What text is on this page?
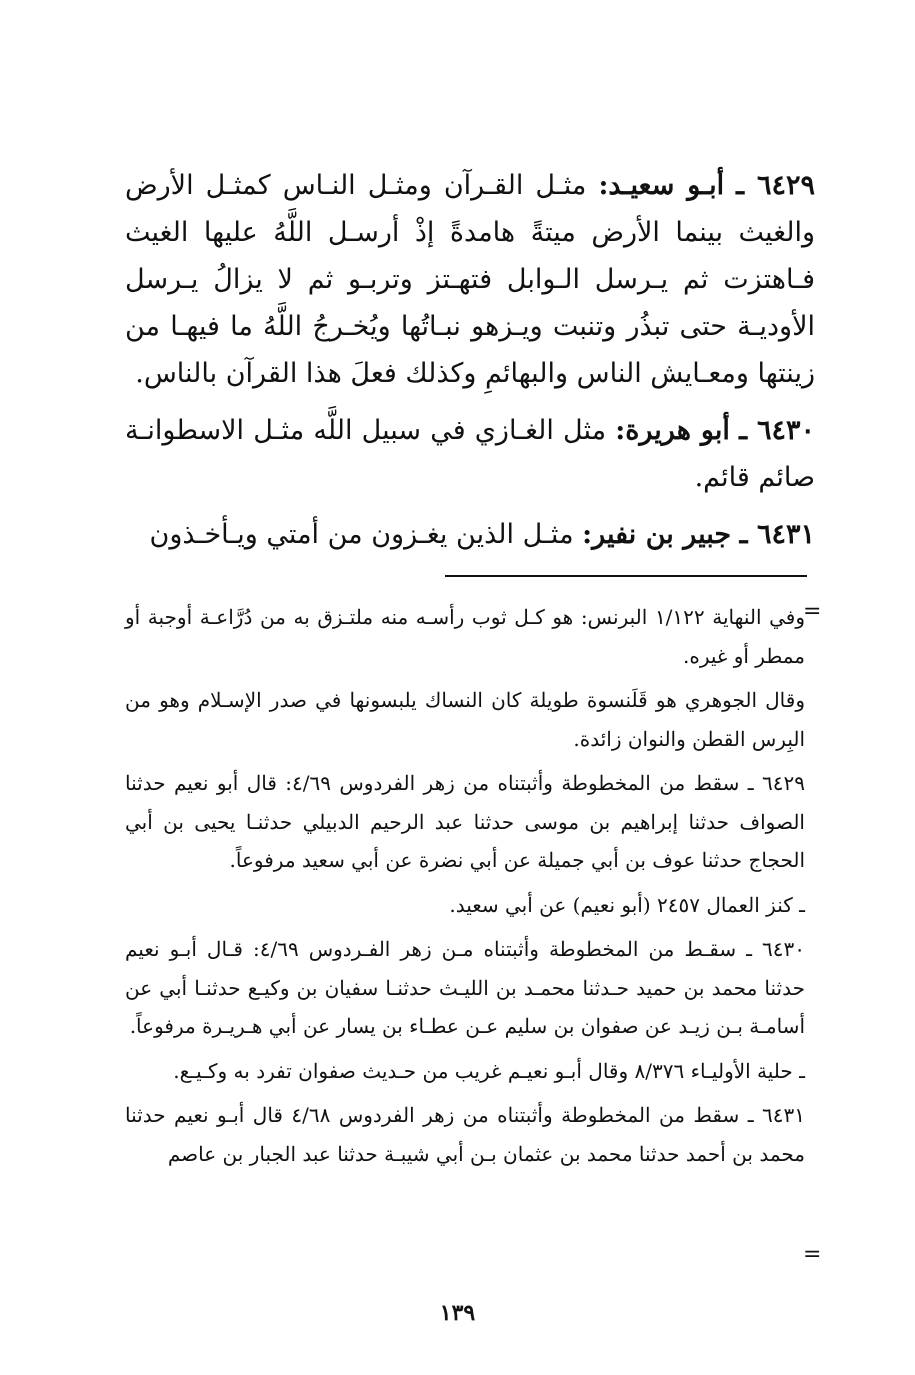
٦٤٢٩ ـ أبـو سعيـد: مثـل القـرآن ومثـل النـاس كمثـل الأرض والغيث بينما الأرض ميتةً هامدةً إذْ أرسـل اللَّهُ عليها الغيث فـاهتزت ثم يـرسل الـوابل فتهـتز وتربـو ثم لا يزالُ يـرسل الأوديـة حتى تبذُر وتنبت ويـزهو نبـاتُها ويُخـرجُ اللَّهُ ما فيهـا من زينتها ومعـايش الناس والبهائمِ وكذلك فعلَ هذا القرآن بالناس.

٦٤٣٠ ـ أبو هريرة: مثل الغـازي في سبيل اللَّه مثـل الاسطوانـة صائم قائم.

٦٤٣١ ـ جبير بن نفير: مثـل الذين يغـزون من أمتي ويـأخـذون

=

وفي النهاية ١/١٢٢ البرنس: هو كـل ثوب رأسـه منه ملتـزق به من دُرَّاعـة أوجبة أو ممطر أو غيره.

وقال الجوهري هو قَلَنسوة طويلة كان النساك يلبسونها في صدر الإسـلام وهو من البِرس القطن والنوان زائدة.

٦٤٢٩ ـ سقط من المخطوطة وأثبتناه من زهر الفردوس ٤/٦٩: قال أبو نعيم حدثنا الصواف حدثنا إبراهيم بن موسى حدثنا عبد الرحيم الدبيلي حدثنـا يحيى بن أبي الحجاج حدثنا عوف بن أبي جميلة عن أبي نضرة عن أبي سعيد مرفوعاً.

ـ كنز العمال ٢٤٥٧ (أبو نعيم) عن أبي سعيد.

٦٤٣٠ ـ سقـط من المخطوطة وأثبتناه مـن زهر الفـردوس ٤/٦٩: قـال أبـو نعيم حدثنا محمد بن حميد حـدثنا محمـد بن الليـث حدثنـا سفيان بن وكيـع حدثنـا أبي عن أسامـة بـن زيـد عن صفوان بن سليم عـن عطـاء بن يسار عن أبي هـريـرة مرفوعاً.

ـ حلية الأوليـاء ٨/٣٧٦ وقال أبـو نعيـم غريب من حـديث صفوان تفرد به وكـيـع.

٦٤٣١ ـ سقط من المخطوطة وأثبتناه من زهر الفردوس ٤/٦٨ قال أبـو نعيم حدثنا محمد بن أحمد حدثنا محمد بن عثمان بـن أبي شيبـة حدثنا عبد الجبار بن عاصم

=
١٣٩
